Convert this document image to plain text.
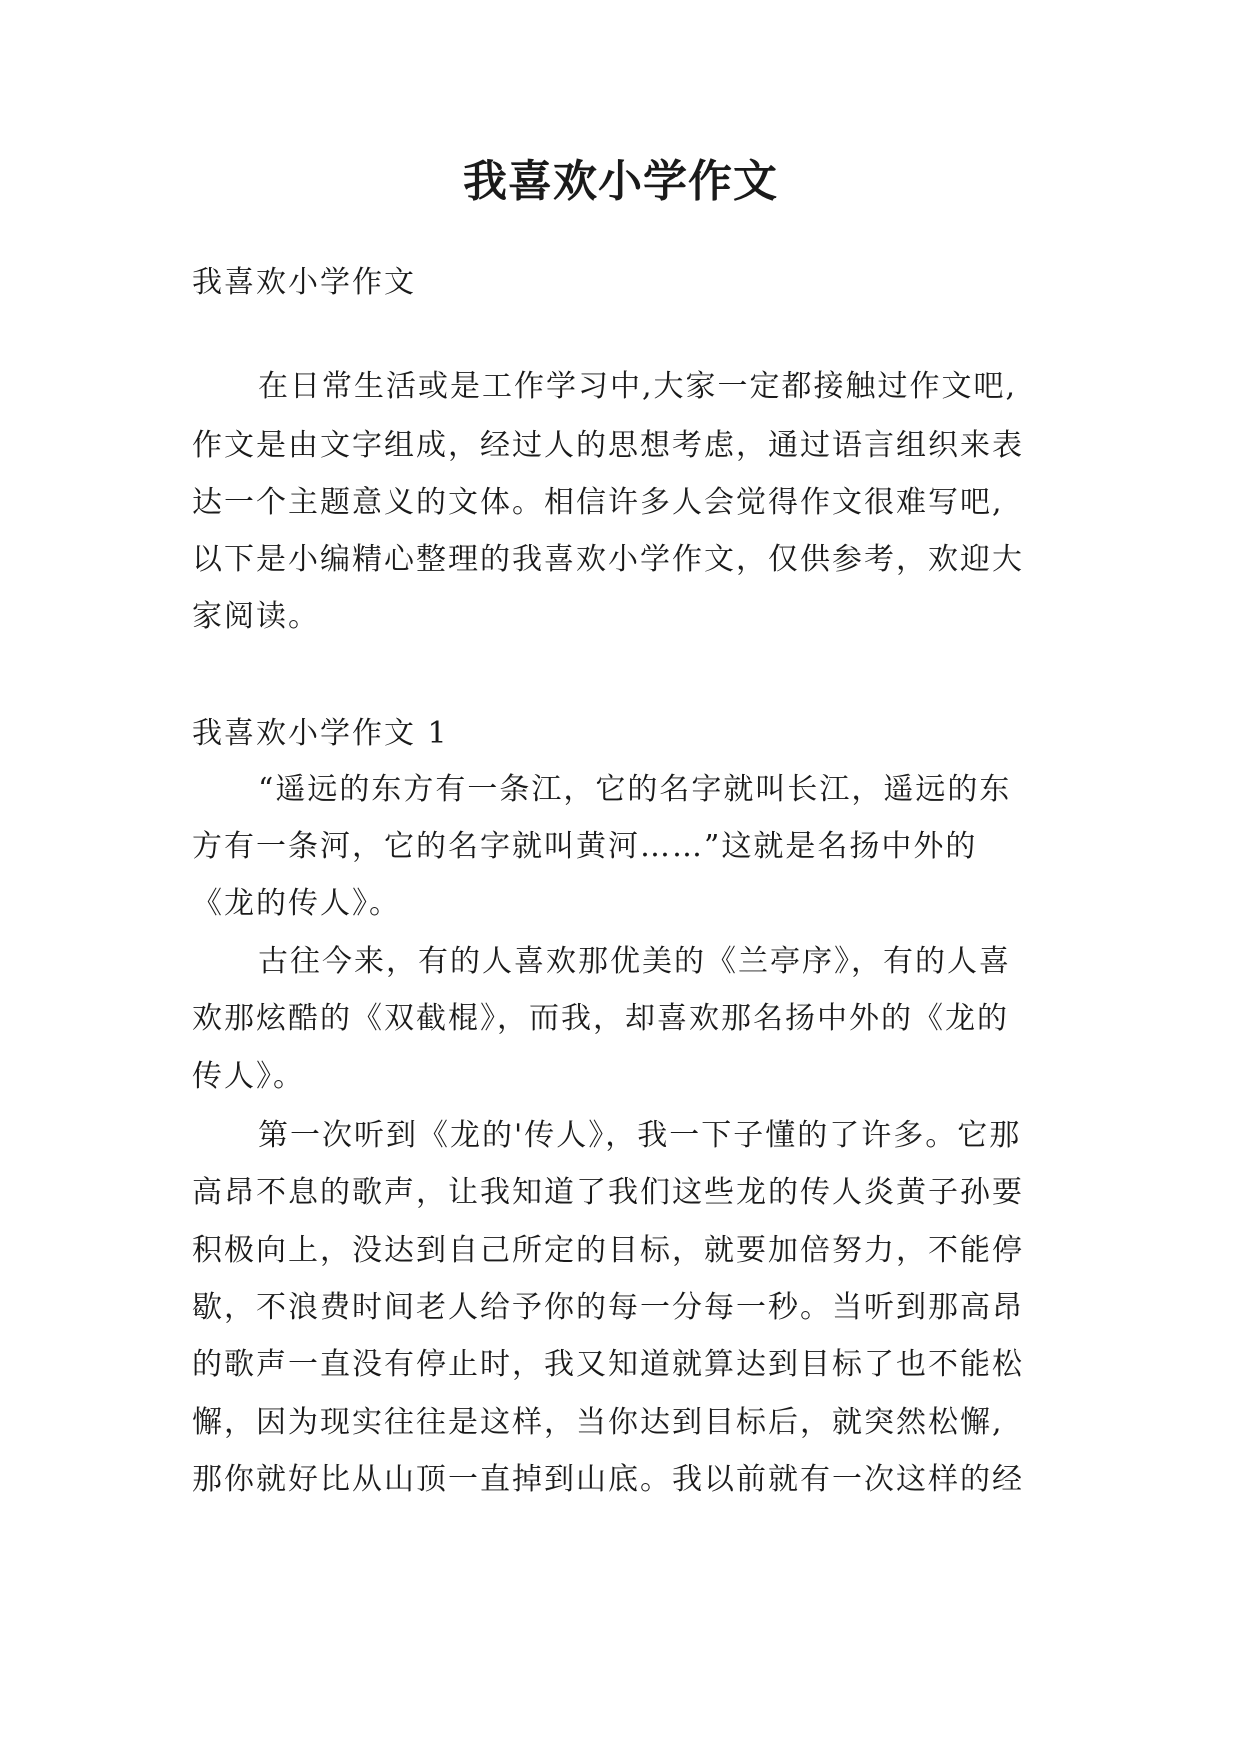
我喜欢小学作文
我喜欢小学作文
在日常生活或是工作学习中,大家一定都接触过作文吧,
作文是由文字组成，经过人的思想考虑，通过语言组织来表
达一个主题意义的文体。相信许多人会觉得作文很难写吧,
以下是小编精心整理的我喜欢小学作文，仅供参考，欢迎大
家阅读。
我喜欢小学作文 1
“遥远的东方有一条江，它的名字就叫长江，遥远的东
方有一条河，它的名字就叫黄河……”这就是名扬中外的
《龙的传人》。
古往今来，有的人喜欢那优美的《兰亭序》，有的人喜
欢那炫酷的《双截棍》，而我，却喜欢那名扬中外的《龙的
传人》。
第一次听到《龙的'传人》，我一下子懂的了许多。它那
高昂不息的歌声，让我知道了我们这些龙的传人炎黄子孙要
积极向上，没达到自己所定的目标，就要加倍努力，不能停
歇，不浪费时间老人给予你的每一分每一秒。当听到那高昂
的歌声一直没有停止时，我又知道就算达到目标了也不能松
懈，因为现实往往是这样，当你达到目标后，就突然松懈,
那你就好比从山顶一直掉到山底。我以前就有一次这样的经
